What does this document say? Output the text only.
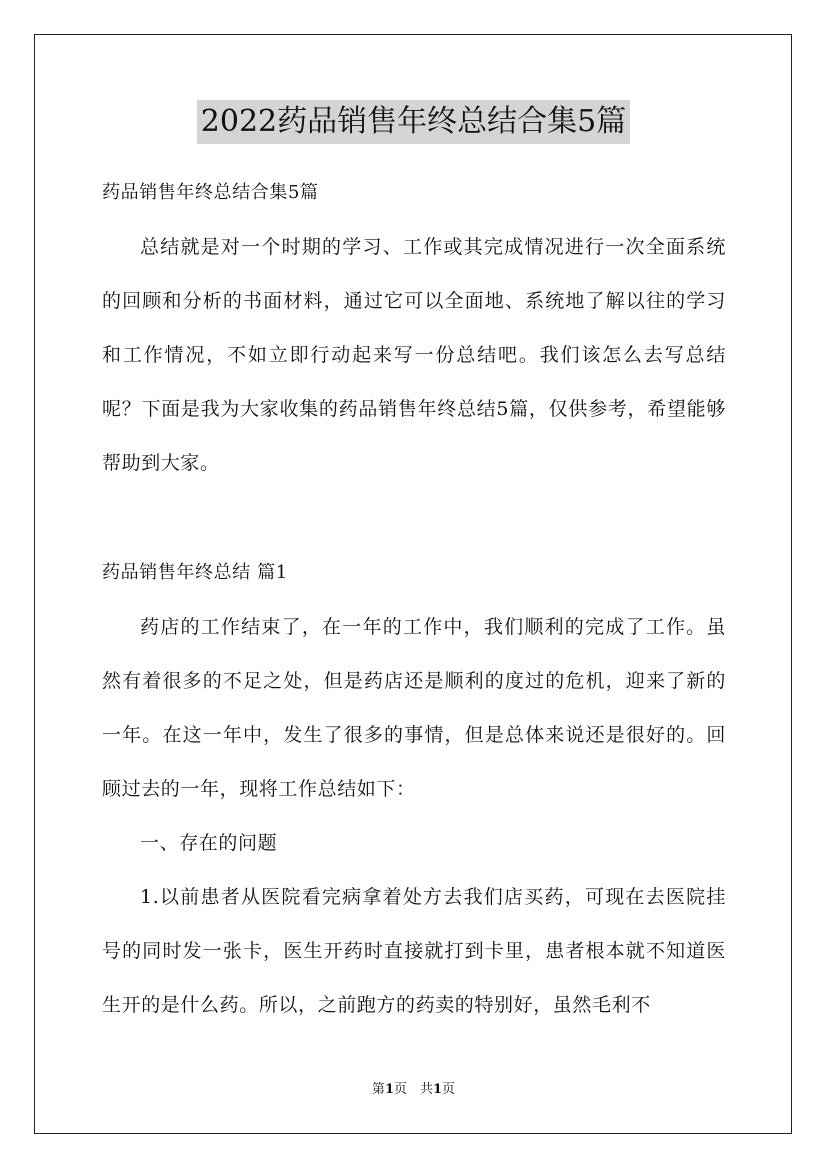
2022药品销售年终总结合集5篇
药品销售年终总结合集5篇
总结就是对一个时期的学习、工作或其完成情况进行一次全面系统的回顾和分析的书面材料，通过它可以全面地、系统地了解以往的学习和工作情况，不如立即行动起来写一份总结吧。我们该怎么去写总结呢？下面是我为大家收集的药品销售年终总结5篇，仅供参考，希望能够帮助到大家。
药品销售年终总结 篇1
药店的工作结束了，在一年的工作中，我们顺利的完成了工作。虽然有着很多的不足之处，但是药店还是顺利的度过的危机，迎来了新的一年。在这一年中，发生了很多的事情，但是总体来说还是很好的。回顾过去的一年，现将工作总结如下：
一、存在的问题
1.以前患者从医院看完病拿着处方去我们店买药，可现在去医院挂号的同时发一张卡，医生开药时直接就打到卡里，患者根本就不知道医生开的是什么药。所以，之前跑方的药卖的特别好，虽然毛利不
第1页　共1页
